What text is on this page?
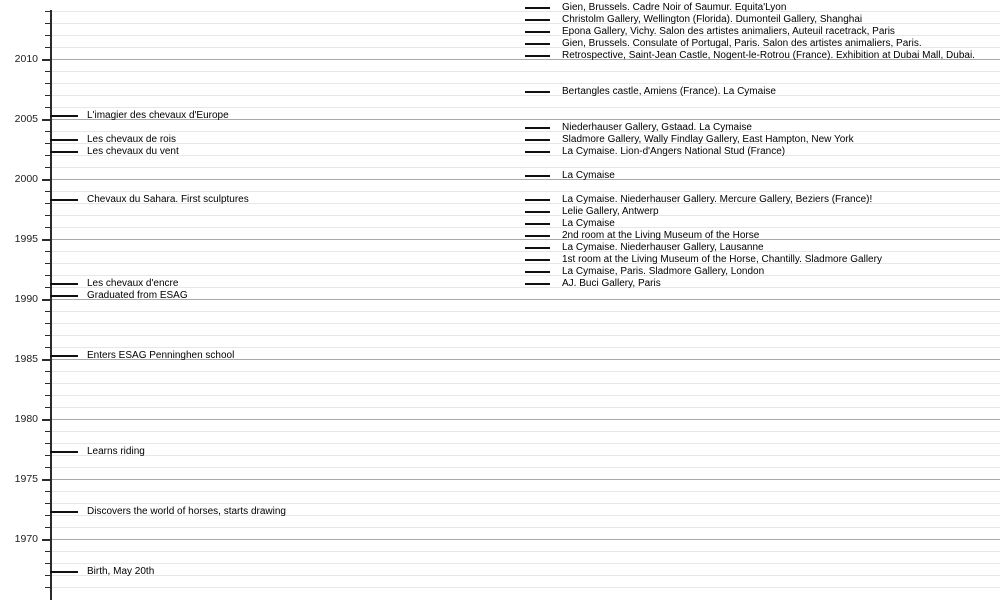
1970
1975
1980
1985
1990
1995
2000
2005
2010
L'imagier des chevaux d'Europe
Les chevaux de rois
Les chevaux du vent
Chevaux du Sahara. First sculptures
Les chevaux d'encre
Graduated from ESAG
Enters ESAG Penninghen school
Learns riding
Discovers the world of horses, starts drawing
Birth, May 20th
Gien, Brussels. Cadre Noir of Saumur. Equita'Lyon
Christolm Gallery, Wellington (Florida). Dumonteil Gallery, Shanghai
Epona Gallery, Vichy. Salon des artistes animaliers, Auteuil racetrack, Paris
Gien, Brussels. Consulate of Portugal, Paris. Salon des artistes animaliers, Paris.
Retrospective, Saint-Jean Castle, Nogent-le-Rotrou (France). Exhibition at Dubai Mall, Dubai.
Bertangles castle, Amiens (France). La Cymaise
Niederhauser Gallery, Gstaad. La Cymaise
Sladmore Gallery, Wally Findlay Gallery, East Hampton, New York
La Cymaise. Lion-d'Angers National Stud (France)
La Cymaise
La Cymaise. Niederhauser Gallery. Mercure Gallery, Beziers (France)!
Lelie Gallery, Antwerp
La Cymaise
2nd room at the Living Museum of the Horse
La Cymaise. Niederhauser Gallery, Lausanne
1st room at the Living Museum of the Horse, Chantilly. Sladmore Gallery
La Cymaise, Paris. Sladmore Gallery, London
AJ. Buci Gallery, Paris
